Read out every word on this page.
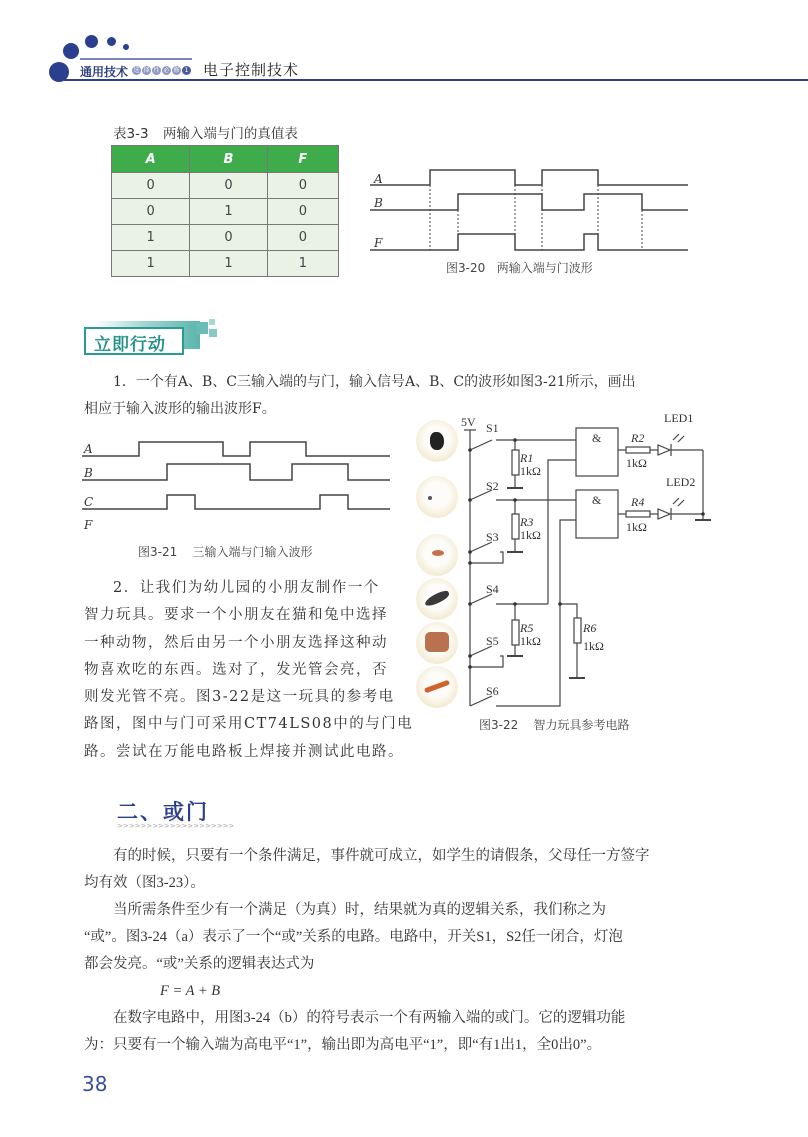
通用技术 选 择 性 必 修 1 电子控制技术
表3-3 两输入端与门的真值表
A	B	F
0	0	0
0	1	0
1	0	0
1	1	1
A
B
F
图3-20 两输入端与门波形
立即行动
1．一个有A、B、C三输入端的与门，输入信号A、B、C的波形如图3-21所示，画出
相应于输入波形的输出波形F。
A
B
C
F
图3-21 三输入端与门输入波形
2．让我们为幼儿园的小朋友制作一个
智力玩具。要求一个小朋友在猫和兔中选择
一种动物，然后由另一个小朋友选择这种动
物喜欢吃的东西。选对了，发光管会亮，否
则发光管不亮。图3-22是这一玩具的参考电
路图，图中与门可采用CT74LS08中的与门电
路。尝试在万能电路板上焊接并测试此电路。
5V S1
S2
S3
S4
S5
S6
R1
1kΩ
R3
1kΩ
R5
1kΩ
R6
1kΩ
R2
1kΩ
R4
1kΩ
&
&
LED1
LED2
图3-22 智力玩具参考电路
二、或门
>>>>>>>>>>>>>>>>>>>>
有的时候，只要有一个条件满足，事件就可成立，如学生的请假条，父母任一方签字
均有效（图3-23）。
当所需条件至少有一个满足（为真）时，结果就为真的逻辑关系，我们称之为
“或”。图3-24（a）表示了一个“或”关系的电路。电路中，开关S1，S2任一闭合，灯泡
都会发亮。“或”关系的逻辑表达式为
F = A + B
在数字电路中，用图3-24（b）的符号表示一个有两输入端的或门。它的逻辑功能
为：只要有一个输入端为高电平“1”，输出即为高电平“1”，即“有1出1，全0出0”。
38
